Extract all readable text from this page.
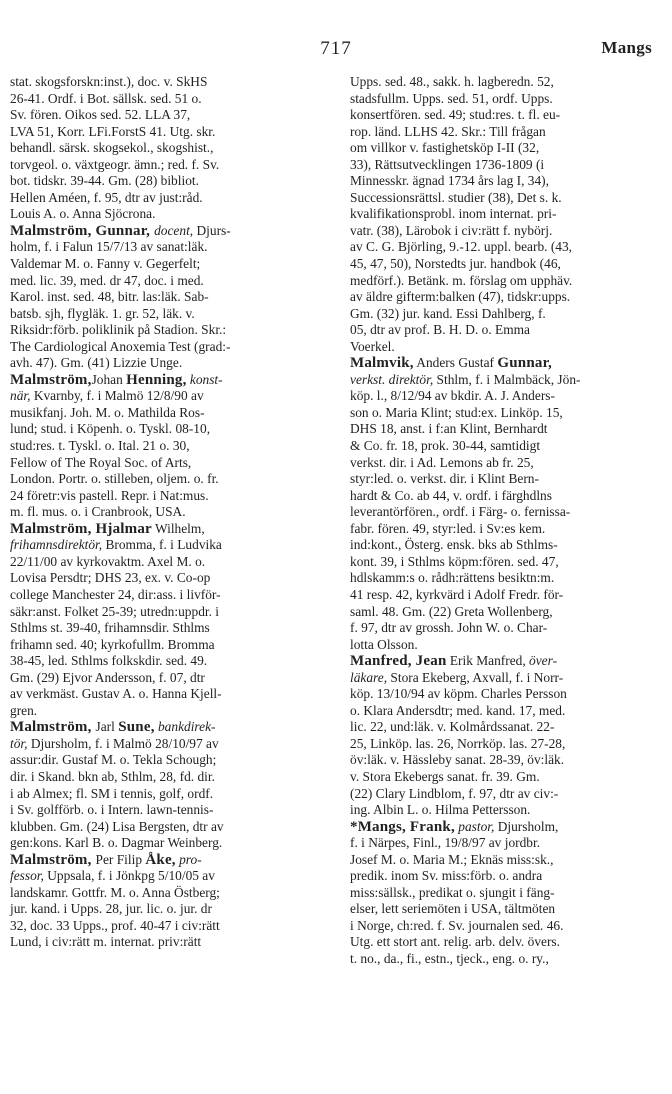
717	Mangs
stat. skogsforskn:inst.), doc. v. SkHS
26-41. Ordf. i Bot. sällsk. sed. 51 o.
Sv. fören. Oikos sed. 52. LLA 37,
LVA 51, Korr. LFi.ForstS 41. Utg. skr.
behandl. särsk. skogsekol., skogshist.,
torvgeol. o. växtgeogr. ämn.; red. f. Sv.
bot. tidskr. 39-44. Gm. (28) bibliot.
Hellen Améen, f. 95, dtr av just:råd.
Louis A. o. Anna Sjöcrona.
Malmström, Gunnar, docent, Djurs-
holm, f. i Falun 15/7/13 av sanat:läk.
Valdemar M. o. Fanny v. Gegerfelt;
med. lic. 39, med. dr 47, doc. i med.
Karol. inst. sed. 48, bitr. las:läk. Sab-
batsb. sjh, flygläk. 1. gr. 52, läk. v.
Riksidr:förb. poliklinik på Stadion. Skr.:
The Cardiological Anoxemia Test (grad:-
avh. 47). Gm. (41) Lizzie Unge.
Malmström,Johan Henning, konst-
när, Kvarnby, f. i Malmö 12/8/90 av
musikfanj. Joh. M. o. Mathilda Ros-
lund; stud. i Köpenh. o. Tyskl. 08-10,
stud:res. t. Tyskl. o. Ital. 21 o. 30,
Fellow of The Royal Soc. of Arts,
London. Portr. o. stilleben, oljem. o. fr.
24 företr:vis pastell. Repr. i Nat:mus.
m. fl. mus. o. i Cranbrook, USA.
Malmström, Hjalmar Wilhelm,
frihamnsdirektör, Bromma, f. i Ludvika
22/11/00 av kyrkovaktm. Axel M. o.
Lovisa Persdtr; DHS 23, ex. v. Co-op
college Manchester 24, dir:ass. i livför-
säkr:anst. Folket 25-39; utredn:uppdr. i
Sthlms st. 39-40, frihamnsdir. Sthlms
frihamn sed. 40; kyrkofullm. Bromma
38-45, led. Sthlms folkskdir. sed. 49.
Gm. (29) Ejvor Andersson, f. 07, dtr
av verkmäst. Gustav A. o. Hanna Kjell-
gren.
Malmström, Jarl Sune, bankdirek-
tör, Djursholm, f. i Malmö 28/10/97 av
assur:dir. Gustaf M. o. Tekla Schough;
dir. i Skand. bkn ab, Sthlm, 28, fd. dir.
i ab Almex; fl. SM i tennis, golf, ordf.
i Sv. golfförb. o. i Intern. lawn-tennis-
klubben. Gm. (24) Lisa Bergsten, dtr av
gen:kons. Karl B. o. Dagmar Weinberg.
Malmström, Per Filip Åke, pro-
fessor, Uppsala, f. i Jönkpg 5/10/05 av
landskamr. Gottfr. M. o. Anna Östberg;
jur. kand. i Upps. 28, jur. lic. o. jur. dr
32, doc. 33 Upps., prof. 40-47 i civ:rätt
Lund, i civ:rätt m. internat. priv:rätt
Upps. sed. 48., sakk. h. lagberedn. 52,
stadsfullm. Upps. sed. 51, ordf. Upps.
konsertfören. sed. 49; stud:res. t. fl. eu-
rop. länd. LLHS 42. Skr.: Till frågan
om villkor v. fastighetsköp I-II (32,
33), Rättsutvecklingen 1736-1809 (i
Minnesskr. ägnad 1734 års lag I, 34),
Successionsrättsl. studier (38), Det s. k.
kvalifikationsprobl. inom internat. pri-
vatr. (38), Lärobok i civ:rätt f. nybörj.
av C. G. Björling, 9.-12. uppl. bearb. (43,
45, 47, 50), Norstedts jur. handbok (46,
medförf.). Betänk. m. förslag om upphäv.
av äldre gifterm:balken (47), tidskr:upps.
Gm. (32) jur. kand. Essi Dahlberg, f.
05, dtr av prof. B. H. D. o. Emma
Voerkel.
Malmvik, Anders Gustaf Gunnar,
verkst. direktör, Sthlm, f. i Malmbäck, Jön-
köp. l., 8/12/94 av bkdir. A. J. Anders-
son o. Maria Klint; stud:ex. Linköp. 15,
DHS 18, anst. i f:an Klint, Bernhardt
& Co. fr. 18, prok. 30-44, samtidigt
verkst. dir. i Ad. Lemons ab fr. 25,
styr:led. o. verkst. dir. i Klint Bern-
hardt & Co. ab 44, v. ordf. i färghdlns
leverantörfören., ordf. i Färg- o. fernissa-
fabr. fören. 49, styr:led. i Sv:es kem.
ind:kont., Österg. ensk. bks ab Sthlms-
kont. 39, i Sthlms köpm:fören. sed. 47,
hdlskamm:s o. rådh:rättens besiktn:m.
41 resp. 42, kyrkvärd i Adolf Fredr. för-
saml. 48. Gm. (22) Greta Wollenberg,
f. 97, dtr av grossh. John W. o. Char-
lotta Olsson.
Manfred, Jean Erik Manfred, över-
läkare, Stora Ekeberg, Axvall, f. i Norr-
köp. 13/10/94 av köpm. Charles Persson
o. Klara Andersdtr; med. kand. 17, med.
lic. 22, und:läk. v. Kolmårdssanat. 22-
25, Linköp. las. 26, Norrköp. las. 27-28,
öv:läk. v. Hässleby sanat. 28-39, öv:läk.
v. Stora Ekebergs sanat. fr. 39. Gm.
(22) Clary Lindblom, f. 97, dtr av civ:-
ing. Albin L. o. Hilma Pettersson.
*Mangs, Frank, pastor, Djursholm,
f. i Närpes, Finl., 19/8/97 av jordbr.
Josef M. o. Maria M.; Eknäs miss:sk.,
predik. inom Sv. miss:förb. o. andra
miss:sällsk., predikat o. sjungit i fäng-
elser, lett seriemöten i USA, tältmöten
i Norge, ch:red. f. Sv. journalen sed. 46.
Utg. ett stort ant. relig. arb. delv. övers.
t. no., da., fi., estn., tjeck., eng. o. ry.,
